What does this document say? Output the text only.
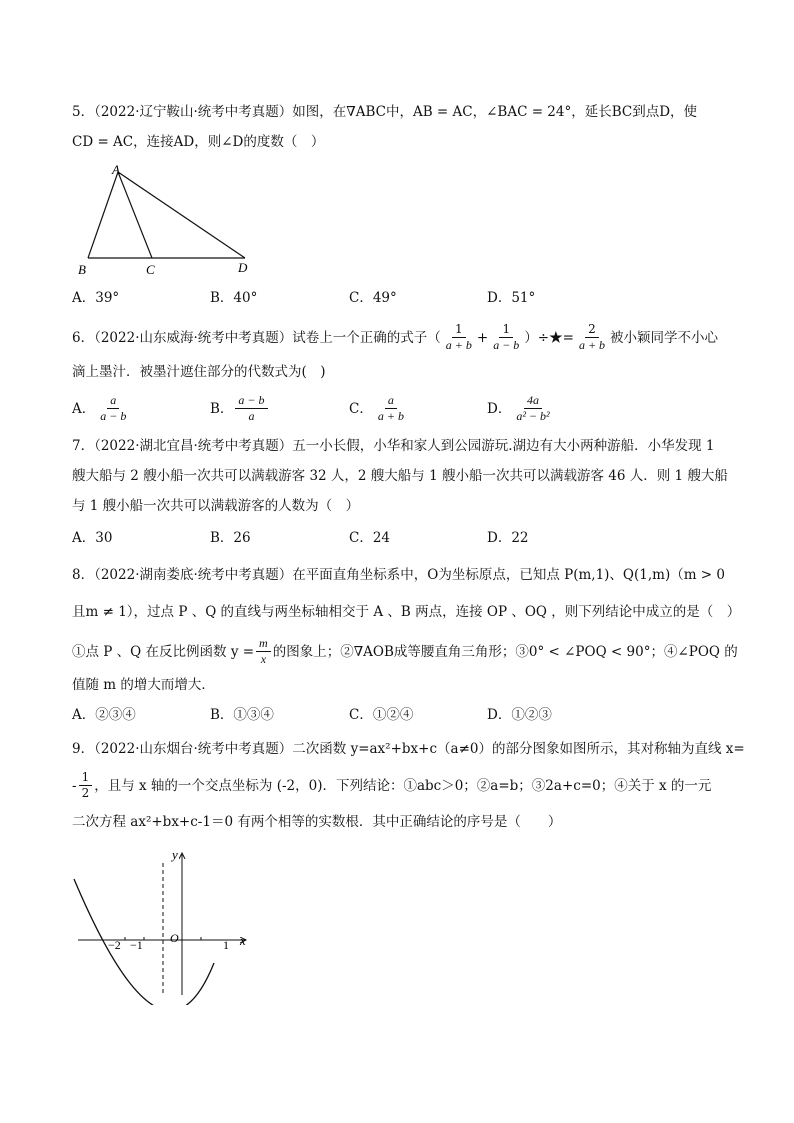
5．（2022·辽宁鞍山·统考中考真题）如图，在∇ABC中，AB = AC，∠BAC = 24°，延长BC到点D，使
CD = AC，连接AD，则∠D的度数（　）
A
B	C	D
A．39°	B．40°	C．49°	D．51°
6．（2022·山东威海·统考中考真题）试卷上一个正确的式子（ $\frac{1}{a + b} + \frac{1}{a - b}$ ）÷★= $\frac{2}{a + b}$ 被小颖同学不小心
滴上墨汁．被墨汁遮住部分的代数式为(　)
A． $\frac{a}{a - b}$	B． $\frac{a - b}{a}$	C． $\frac{a}{a + b}$	D． $\frac{4a}{\text{a² − b²}}$
7．（2022·湖北宜昌·统考中考真题）五一小长假，小华和家人到公园游玩.湖边有大小两种游船．小华发现 1
艘大船与 2 艘小船一次共可以满载游客 32 人，2 艘大船与 1 艘小船一次共可以满载游客 46 人．则 1 艘大船
与 1 艘小船一次共可以满载游客的人数为（　）
A．30	B．26	C．24	D．22
8．（2022·湖南娄底·统考中考真题）在平面直角坐标系中，O为坐标原点，已知点 P(m,1)、Q(1,m)（m > 0
且m ≠ 1），过点 P 、Q 的直线与两坐标轴相交于 A 、B 两点，连接 OP 、OQ ，则下列结论中成立的是（　）
①点 P 、Q 在反比例函数 $y = \frac{m}{x}$ 的图象上；②∇AOB成等腰直角三角形；③0° < ∠POQ < 90°；④∠POQ 的
值随 m 的增大而增大．
A．②③④	B．①③④	C．①②④	D．①②③
9．（2022·山东烟台·统考中考真题）二次函数 y=ax²+bx+c（a≠0）的部分图象如图所示，其对称轴为直线 x=
- $\frac{1}{2}$ ，且与 x 轴的一个交点坐标为 (-2，0)．下列结论：①abc＞0；②a=b；③2a+c=0；④关于 x 的一元
二次方程 ax²+bx+c-1＝0 有两个相等的实数根．其中正确结论的序号是（　　）
−2 −1	1
O
y
x
